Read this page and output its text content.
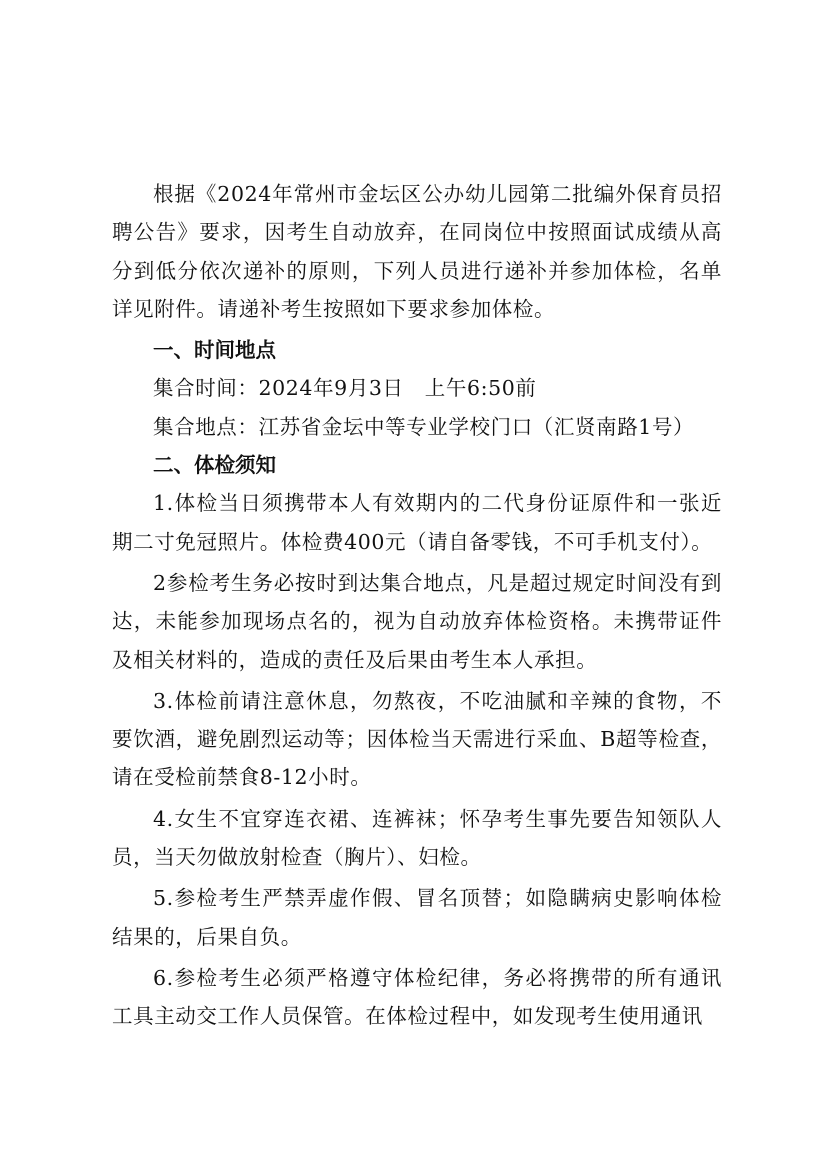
根据《2024年常州市金坛区公办幼儿园第二批编外保育员招聘公告》要求，因考生自动放弃，在同岗位中按照面试成绩从高分到低分依次递补的原则，下列人员进行递补并参加体检，名单详见附件。请递补考生按照如下要求参加体检。

一、时间地点

集合时间：2024年9月3日　上午6:50前

集合地点：江苏省金坛中等专业学校门口（汇贤南路1号）

二、体检须知

1.体检当日须携带本人有效期内的二代身份证原件和一张近期二寸免冠照片。体检费400元（请自备零钱，不可手机支付）。

2参检考生务必按时到达集合地点，凡是超过规定时间没有到达，未能参加现场点名的，视为自动放弃体检资格。未携带证件及相关材料的，造成的责任及后果由考生本人承担。

3.体检前请注意休息，勿熬夜，不吃油腻和辛辣的食物，不要饮酒，避免剧烈运动等；因体检当天需进行采血、B超等检查，请在受检前禁食8-12小时。

4.女生不宜穿连衣裙、连裤袜；怀孕考生事先要告知领队人员，当天勿做放射检查（胸片）、妇检。

5.参检考生严禁弄虚作假、冒名顶替；如隐瞒病史影响体检结果的，后果自负。

6.参检考生必须严格遵守体检纪律，务必将携带的所有通讯工具主动交工作人员保管。在体检过程中，如发现考生使用通讯
